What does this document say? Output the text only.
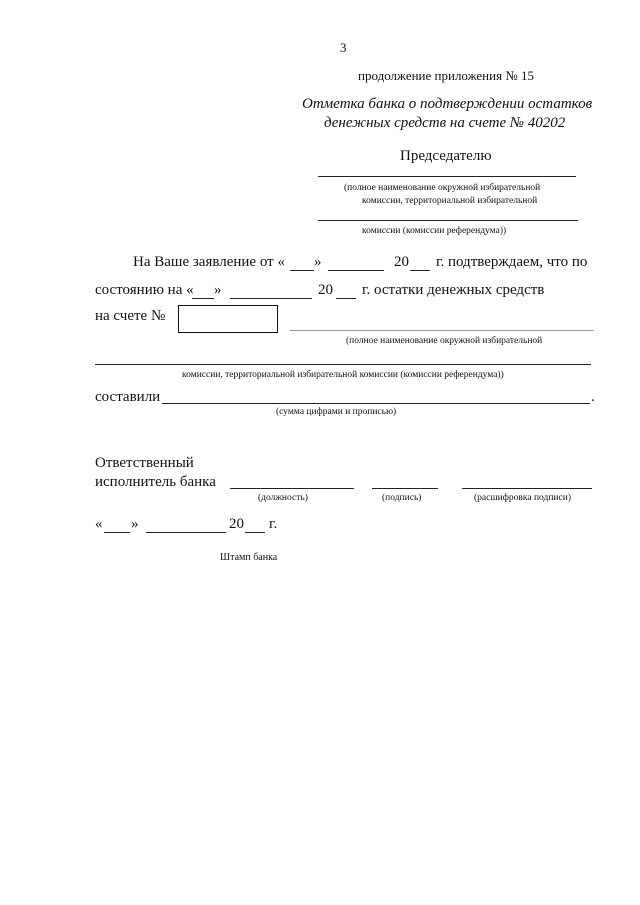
3
продолжение приложения № 15
Отметка банка о подтверждении остатков
денежных средств на счете № 40202
Председателю
(полное наименование окружной избирательной
комиссии, территориальной избирательной
комиссии (комиссии референдума))
На Ваше заявление от « »	20 г. подтверждаем, что по
состоянию на « »	20 г. остатки денежных средств
на счете №
(полное наименование окружной избирательной
комиссии, территориальной избирательной комиссии (комиссии референдума))
составили	.
(сумма цифрами и прописью)
Ответственный
исполнитель банка
(должность)	(подпись)	(расшифровка подписи)
« »	20 г.
Штамп банка
